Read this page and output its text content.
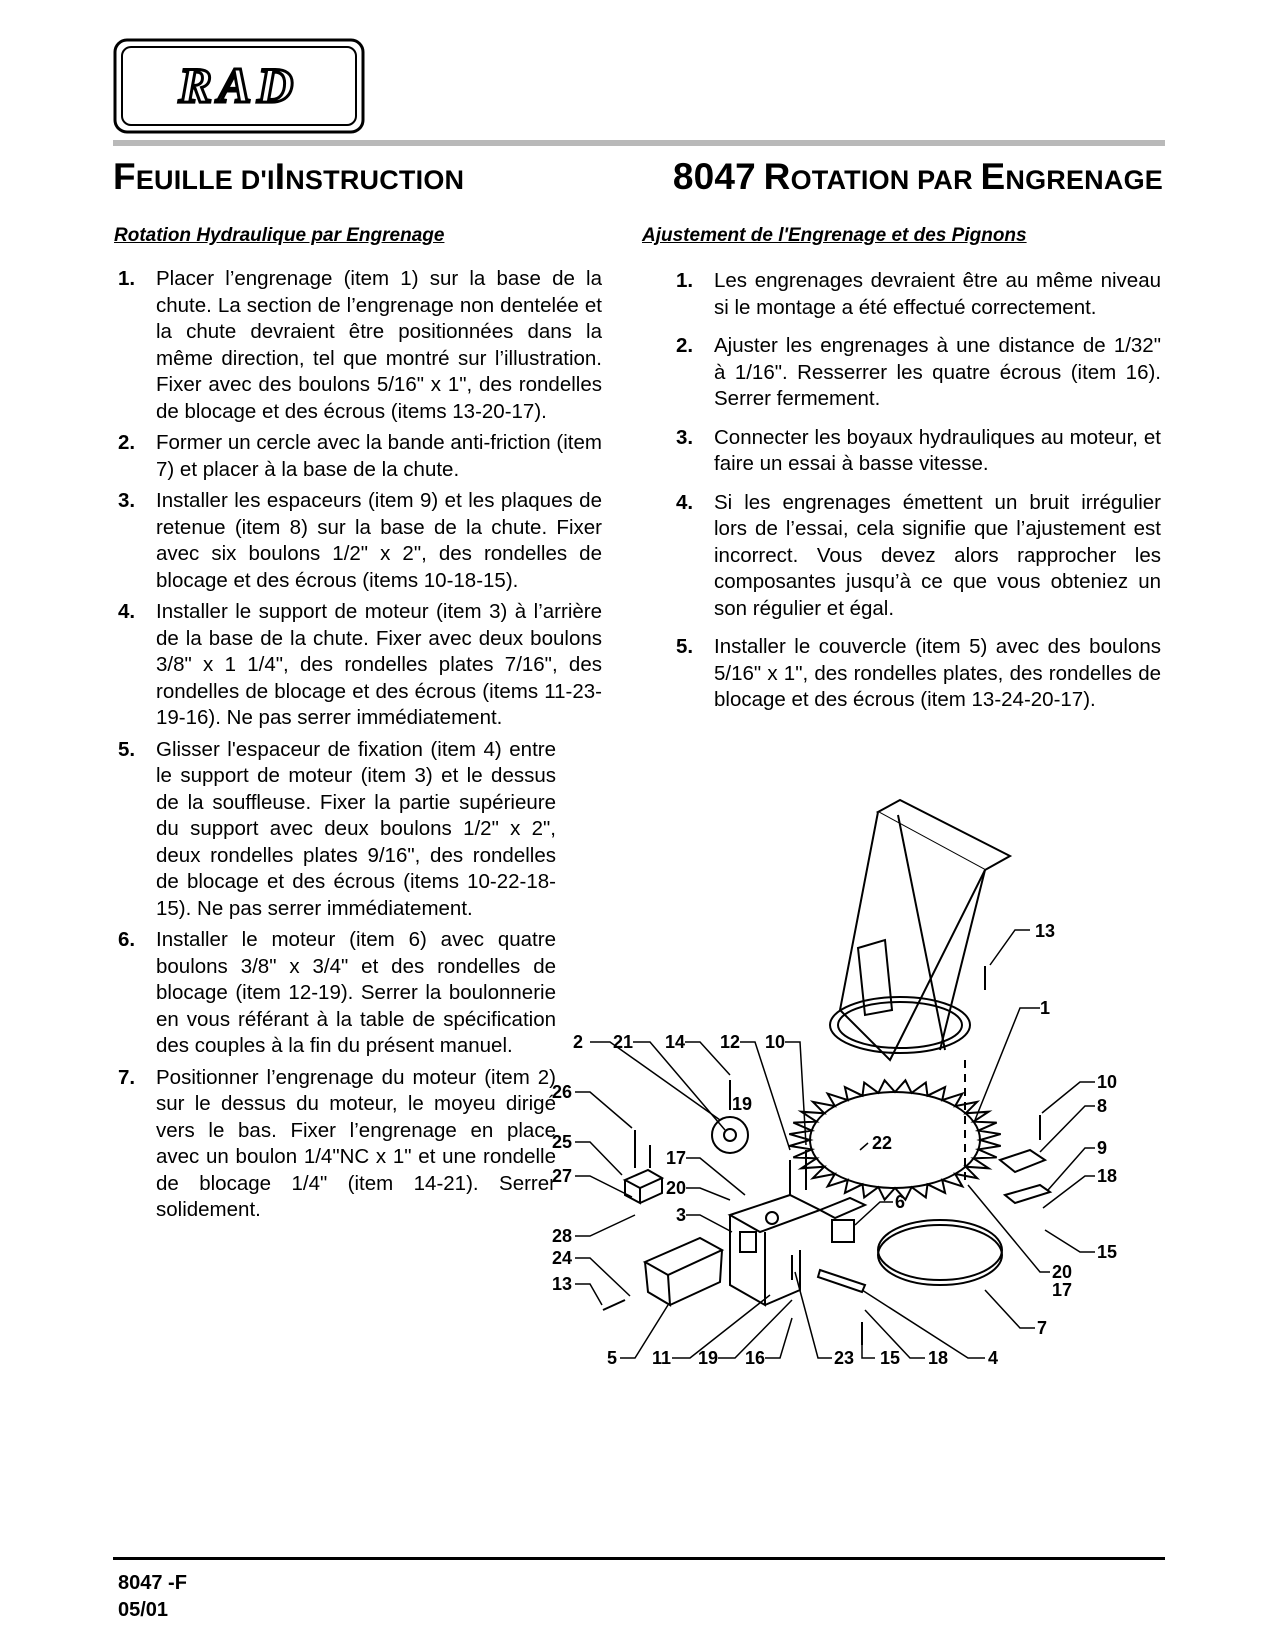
RAD
FEUILLE D'IINSTRUCTION	8047 ROTATION PAR ENGRENAGE
Rotation Hydraulique par Engrenage	Ajustement de l'Engrenage et des Pignons
1. Placer l’engrenage (item 1) sur la base de la chute. La section de l’engrenage non dentelée et la chute devraient être positionnées dans la même direction, tel que montré sur l’illustration. Fixer avec des boulons 5/16" x 1", des rondelles de blocage et des écrous (items 13-20-17).
2. Former un cercle avec la bande anti-friction (item 7) et placer à la base de la chute.
3. Installer les espaceurs (item 9) et les plaques de retenue (item 8) sur la base de la chute. Fixer avec six boulons 1/2" x 2", des rondelles de blocage et des écrous (items 10-18-15).
4. Installer le support de moteur (item 3) à l’arrière de la base de la chute. Fixer avec deux boulons 3/8" x 1 1/4", des rondelles plates 7/16", des rondelles de blocage et des écrous (items 11-23-19-16). Ne pas serrer immédiatement.
5. Glisser l'espaceur de fixation (item 4) entre le support de moteur (item 3) et le dessus de la souffleuse. Fixer la partie supérieure du support avec deux boulons 1/2" x 2", deux rondelles plates 9/16", des rondelles de blocage et des écrous (items 10-22-18-15). Ne pas serrer immédiatement.
6. Installer le moteur (item 6) avec quatre boulons 3/8" x 3/4" et des rondelles de blocage (item 12-19). Serrer la boulonnerie en vous référant à la table de spécification des couples à la fin du présent manuel.
7. Positionner l’engrenage du moteur (item 2) sur le dessus du moteur, le moyeu dirigé vers le bas. Fixer l’engrenage en place avec un boulon 1/4"NC x 1" et une rondelle de blocage 1/4" (item 14-21). Serrer solidement.
1. Les engrenages devraient être au même niveau si le montage a été effectué correctement.
2. Ajuster les engrenages à une distance de 1/32" à 1/16". Resserrer les quatre écrous (item 16). Serrer fermement.
3. Connecter les boyaux hydrauliques au moteur, et faire un essai à basse vitesse.
4. Si les engrenages émettent un bruit irrégulier lors de l’essai, cela signifie que l’ajustement est incorrect. Vous devez alors rapprocher les composantes jusqu’à ce que vous obteniez un son régulier et égal.
5. Installer le couvercle (item 5) avec des boulons 5/16" x 1", des rondelles plates, des rondelles de blocage et des écrous (item 13-24-20-17).
13
1
10
8
9
18
15
20
17
7
2 21 14 12 10
19
22
26
25
27
17
20
3
6
28
24
13
5 11 19 16	23 15 18 4
8047 -F
05/01
